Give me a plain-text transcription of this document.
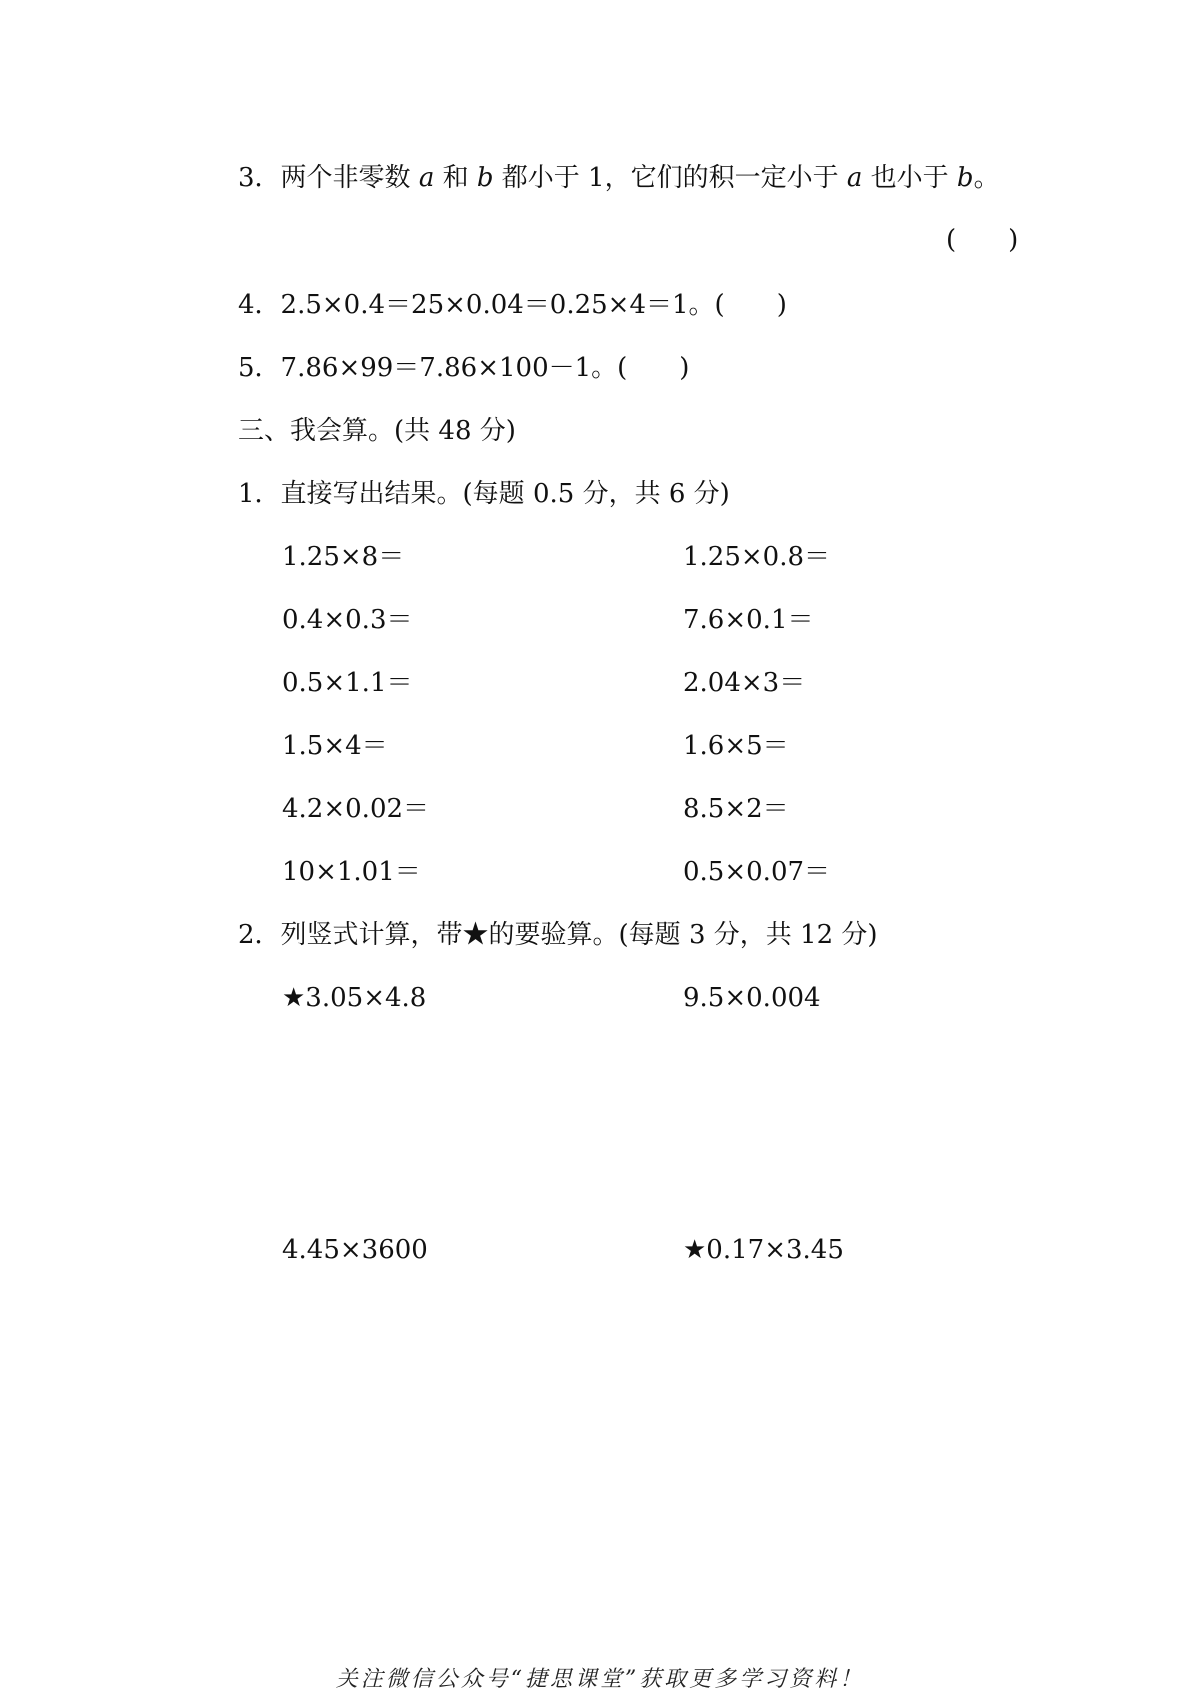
3．两个非零数 a 和 b 都小于 1，它们的积一定小于 a 也小于 b。
(　　)
4．2.5×0.4＝25×0.04＝0.25×4＝1。(　　)
5．7.86×99＝7.86×100－1。(　　)
三、我会算。(共 48 分)
1．直接写出结果。(每题 0.5 分，共 6 分)
1.25×8＝
0.4×0.3＝
0.5×1.1＝
1.5×4＝
4.2×0.02＝
10×1.01＝
1.25×0.8＝
7.6×0.1＝
2.04×3＝
1.6×5＝
8.5×2＝
0.5×0.07＝
2．列竖式计算，带★的要验算。(每题 3 分，共 12 分)
★3.05×4.8	9.5×0.004
4.45×3600	★0.17×3.45
关注微信公众号“捷思课堂”获取更多学习资料！
